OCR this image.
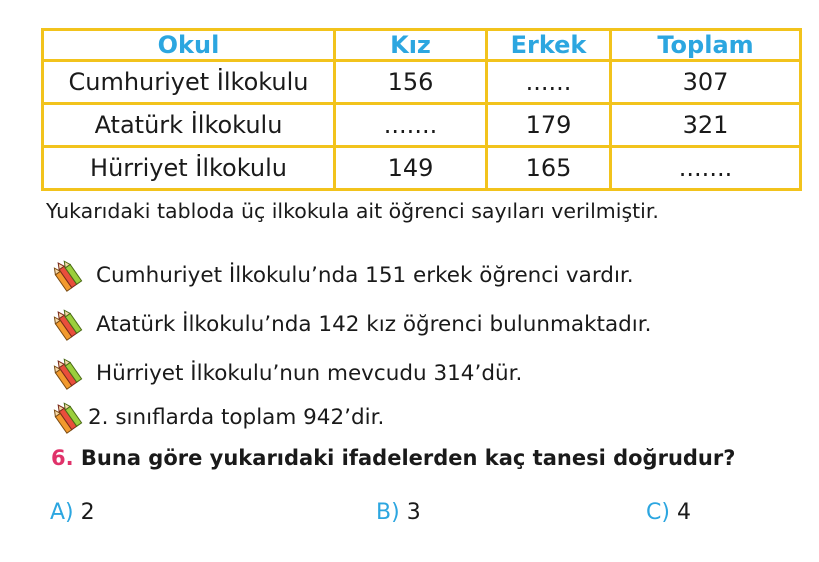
Okul	Kız	Erkek	Toplam
Cumhuriyet İlkokulu	156	......	307
Atatürk İlkokulu	.......	179	321
Hürriyet İlkokulu	149	165	.......
Yukarıdaki tabloda üç ilkokula ait öğrenci sayıları verilmiştir.
Cumhuriyet İlkokulu’nda 151 erkek öğrenci vardır.
Atatürk İlkokulu’nda 142 kız öğrenci bulunmaktadır.
Hürriyet İlkokulu’nun mevcudu 314’dür.
2. sınıflarda toplam 942’dir.
6. Buna göre yukarıdaki ifadelerden kaç tanesi doğrudur?
A) 2	B) 3	C) 4
